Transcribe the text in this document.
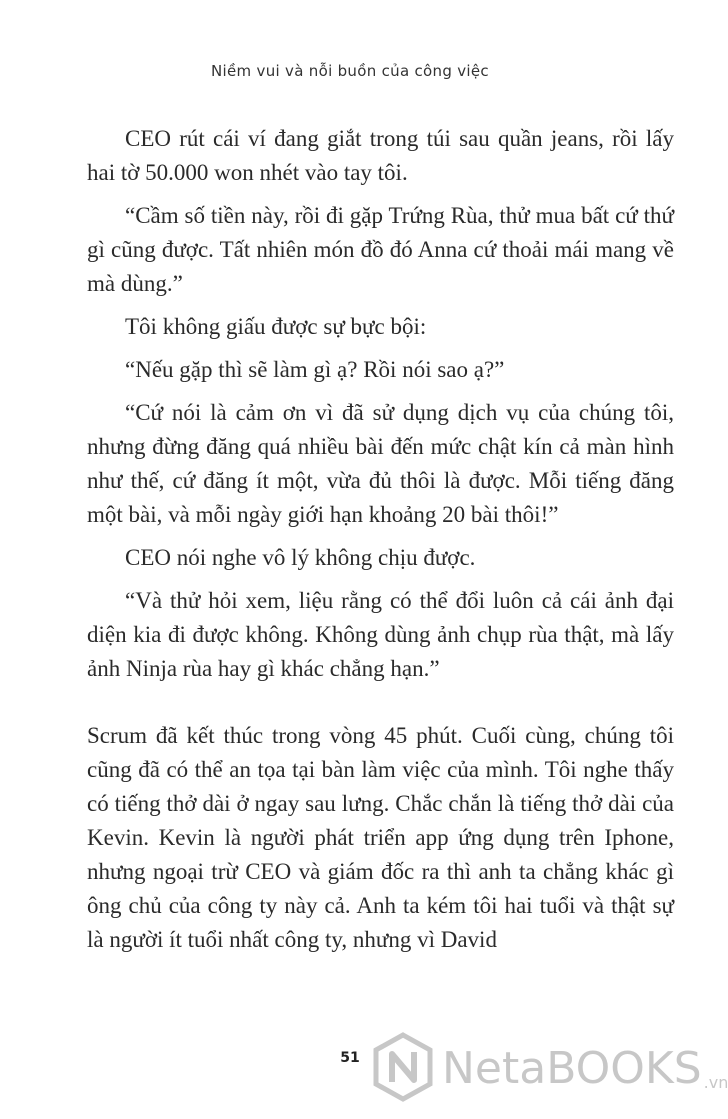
Niềm vui và nỗi buồn của công việc

CEO rút cái ví đang giắt trong túi sau quần jeans, rồi lấy hai tờ 50.000 won nhét vào tay tôi.

“Cầm số tiền này, rồi đi gặp Trứng Rùa, thử mua bất cứ thứ gì cũng được. Tất nhiên món đồ đó Anna cứ thoải mái mang về mà dùng.”

Tôi không giấu được sự bực bội:

“Nếu gặp thì sẽ làm gì ạ? Rồi nói sao ạ?”

“Cứ nói là cảm ơn vì đã sử dụng dịch vụ của chúng tôi, nhưng đừng đăng quá nhiều bài đến mức chật kín cả màn hình như thế, cứ đăng ít một, vừa đủ thôi là được. Mỗi tiếng đăng một bài, và mỗi ngày giới hạn khoảng 20 bài thôi!”

CEO nói nghe vô lý không chịu được.

“Và thử hỏi xem, liệu rằng có thể đổi luôn cả cái ảnh đại diện kia đi được không. Không dùng ảnh chụp rùa thật, mà lấy ảnh Ninja rùa hay gì khác chẳng hạn.”

Scrum đã kết thúc trong vòng 45 phút. Cuối cùng, chúng tôi cũng đã có thể an tọa tại bàn làm việc của mình. Tôi nghe thấy có tiếng thở dài ở ngay sau lưng. Chắc chắn là tiếng thở dài của Kevin. Kevin là người phát triển app ứng dụng trên Iphone, nhưng ngoại trừ CEO và giám đốc ra thì anh ta chẳng khác gì ông chủ của công ty này cả. Anh ta kém tôi hai tuổi và thật sự là người ít tuổi nhất công ty, nhưng vì David

51	NetaBOOKS .vn
